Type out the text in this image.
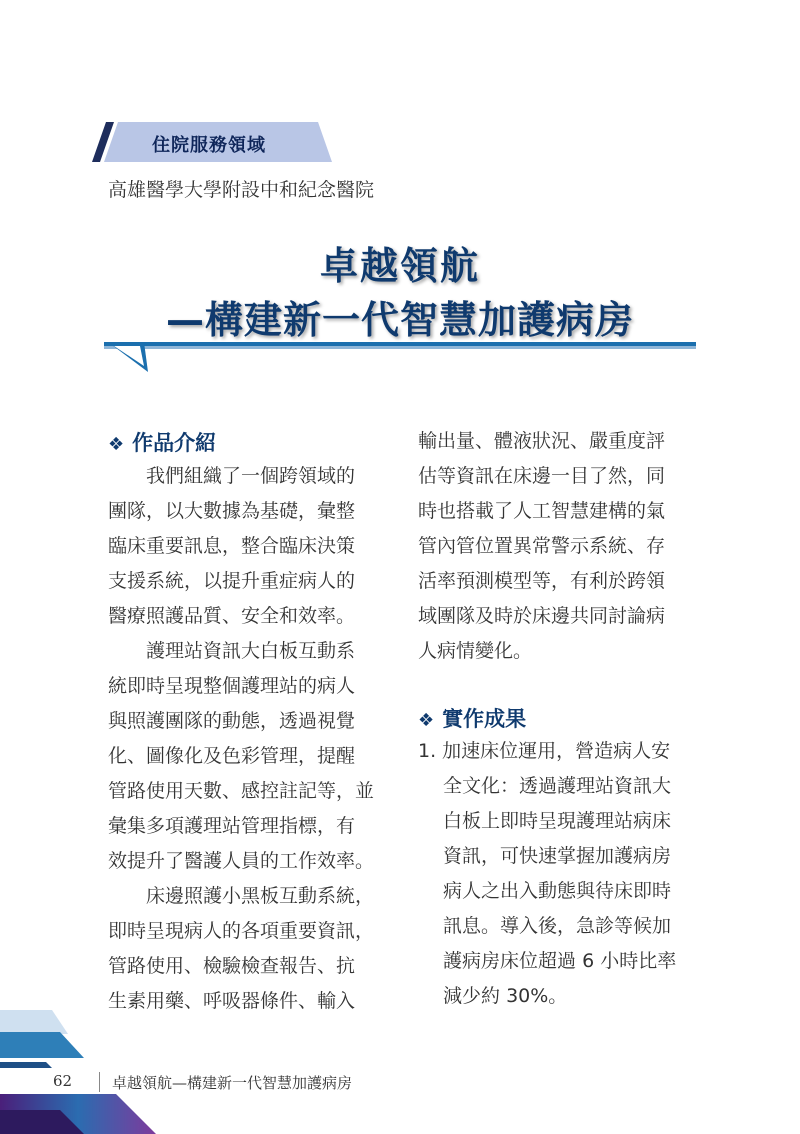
住院服務領域
高雄醫學大學附設中和紀念醫院
卓越領航
—構建新一代智慧加護病房
❖ 作品介紹
　　我們組織了一個跨領域的
團隊，以大數據為基礎，彙整
臨床重要訊息，整合臨床決策
支援系統，以提升重症病人的
醫療照護品質、安全和效率。
　　護理站資訊大白板互動系
統即時呈現整個護理站的病人
與照護團隊的動態，透過視覺
化、圖像化及色彩管理，提醒
管路使用天數、感控註記等，並
彙集多項護理站管理指標，有
效提升了醫護人員的工作效率。
　　床邊照護小黑板互動系統，
即時呈現病人的各項重要資訊，
管路使用、檢驗檢查報告、抗
生素用藥、呼吸器條件、輸入
輸出量、體液狀況、嚴重度評
估等資訊在床邊一目了然，同
時也搭載了人工智慧建構的氣
管內管位置異常警示系統、存
活率預測模型等，有利於跨領
域團隊及時於床邊共同討論病
人病情變化。
❖ 實作成果
1. 加速床位運用，營造病人安
　 全文化：透過護理站資訊大
　 白板上即時呈現護理站病床
　 資訊，可快速掌握加護病房
　 病人之出入動態與待床即時
　 訊息。導入後，急診等候加
　 護病房床位超過 6 小時比率
　 減少約 30%。
62	卓越領航—構建新一代智慧加護病房
